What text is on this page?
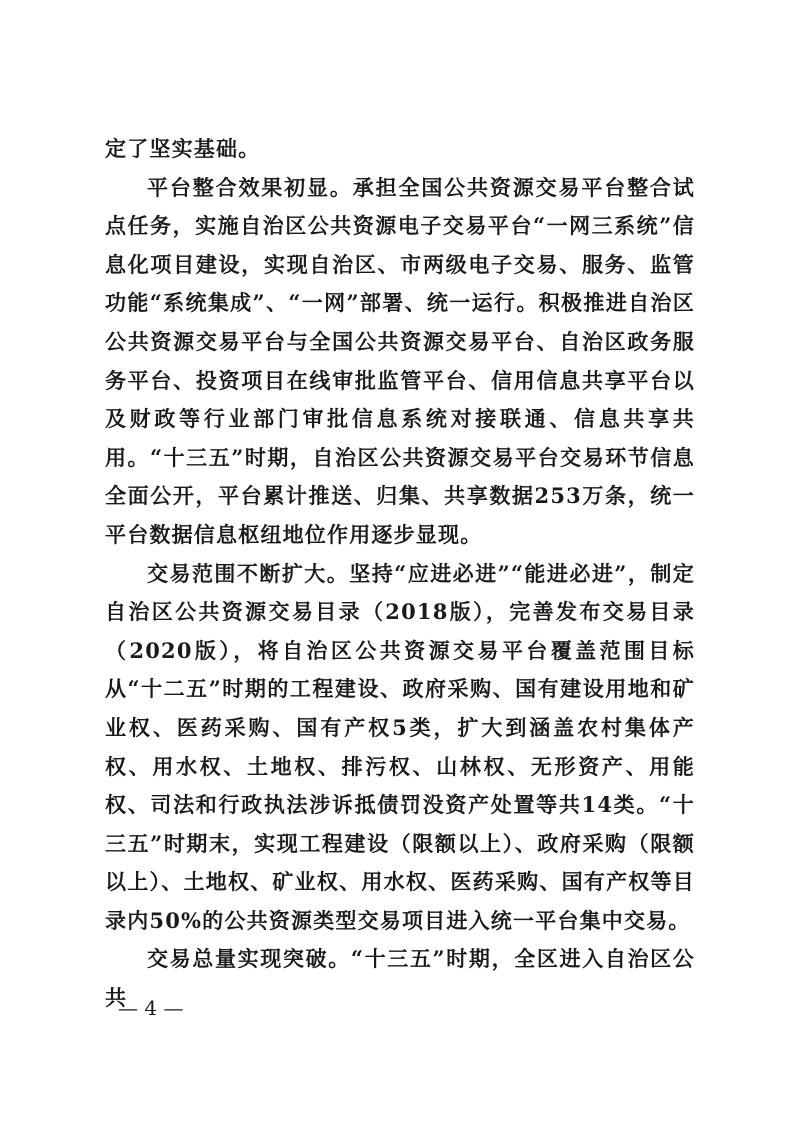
定了坚实基础。

平台整合效果初显。承担全国公共资源交易平台整合试点任务，实施自治区公共资源电子交易平台“一网三系统”信息化项目建设，实现自治区、市两级电子交易、服务、监管功能“系统集成”、“一网”部署、统一运行。积极推进自治区公共资源交易平台与全国公共资源交易平台、自治区政务服务平台、投资项目在线审批监管平台、信用信息共享平台以及财政等行业部门审批信息系统对接联通、信息共享共用。“十三五”时期，自治区公共资源交易平台交易环节信息全面公开，平台累计推送、归集、共享数据253万条，统一平台数据信息枢纽地位作用逐步显现。

交易范围不断扩大。坚持“应进必进”“能进必进”，制定自治区公共资源交易目录（2018版），完善发布交易目录（2020版），将自治区公共资源交易平台覆盖范围目标从“十二五”时期的工程建设、政府采购、国有建设用地和矿业权、医药采购、国有产权5类，扩大到涵盖农村集体产权、用水权、土地权、排污权、山林权、无形资产、用能权、司法和行政执法涉诉抵债罚没资产处置等共14类。“十三五”时期末，实现工程建设（限额以上）、政府采购（限额以上）、土地权、矿业权、用水权、医药采购、国有产权等目录内50%的公共资源类型交易项目进入统一平台集中交易。

交易总量实现突破。“十三五”时期，全区进入自治区公共

— 4 —
